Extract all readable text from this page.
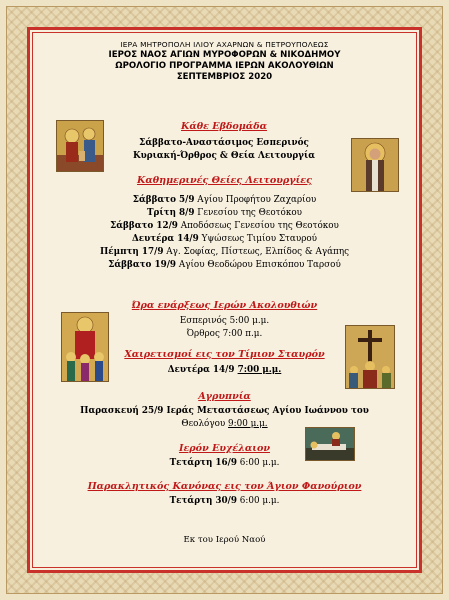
ΙΕΡΑ ΜΗΤΡΟΠΟΛΗ ΙΛΙΟΥ ΑΧΑΡΝΩΝ & ΠΕΤΡΟΥΠΟΛΕΩΣ

ΙΕΡΟΣ ΝΑΟΣ ΑΓΙΩΝ ΜΥΡΟΦΟΡΩΝ & ΝΙΚΟΔΗΜΟΥ

ΩΡΟΛΟΓΙΟ ΠΡΟΓΡΑΜΜΑ ΙΕΡΩΝ ΑΚΟΛΟΥΘΙΩΝ

ΣΕΠΤΕΜΒΡΙΟΣ 2020

Κάθε Εβδομάδα
Σάββατο-Αναστάσιμος Εσπερινός
Κυριακή-Όρθρος & Θεία Λειτουργία
Καθημερινές Θείες Λειτουργίες
Σάββατο 5/9 Αγίου Προφήτου Ζαχαρίου
Τρίτη 8/9 Γενεσίου της Θεοτόκου
Σάββατο 12/9 Αποδόσεως Γενεσίου της Θεοτόκου
Δευτέρα 14/9 Υψώσεως Τιμίου Σταυρού
Πέμπτη 17/9 Αγ. Σοφίας, Πίστεως, Ελπίδος & Αγάπης
Σάββατο 19/9 Αγίου Θεοδώρου Επισκόπου Ταρσού
Ώρα ενάρξεως Ιερών Ακολουθιών
Εσπερινός 5:00 μ.μ.
Όρθρος 7:00 π.μ.
Χαιρετισμοί εις τον Τίμιον Σταυρόν
Δευτέρα 14/9 7:00 μ.μ.
Αγρυπνία
Παρασκευή 25/9 Ιεράς Μεταστάσεως Αγίου Ιωάννου του
Θεολόγου 9:00 μ.μ.
Ιερόν Ευχέλαιον
Τετάρτη 16/9 6:00 μ.μ.
Παρακλητικός Κανόνας εις τον Άγιον Φανούριον
Τετάρτη 30/9 6:00 μ.μ.
Εκ του Ιερού Ναού
